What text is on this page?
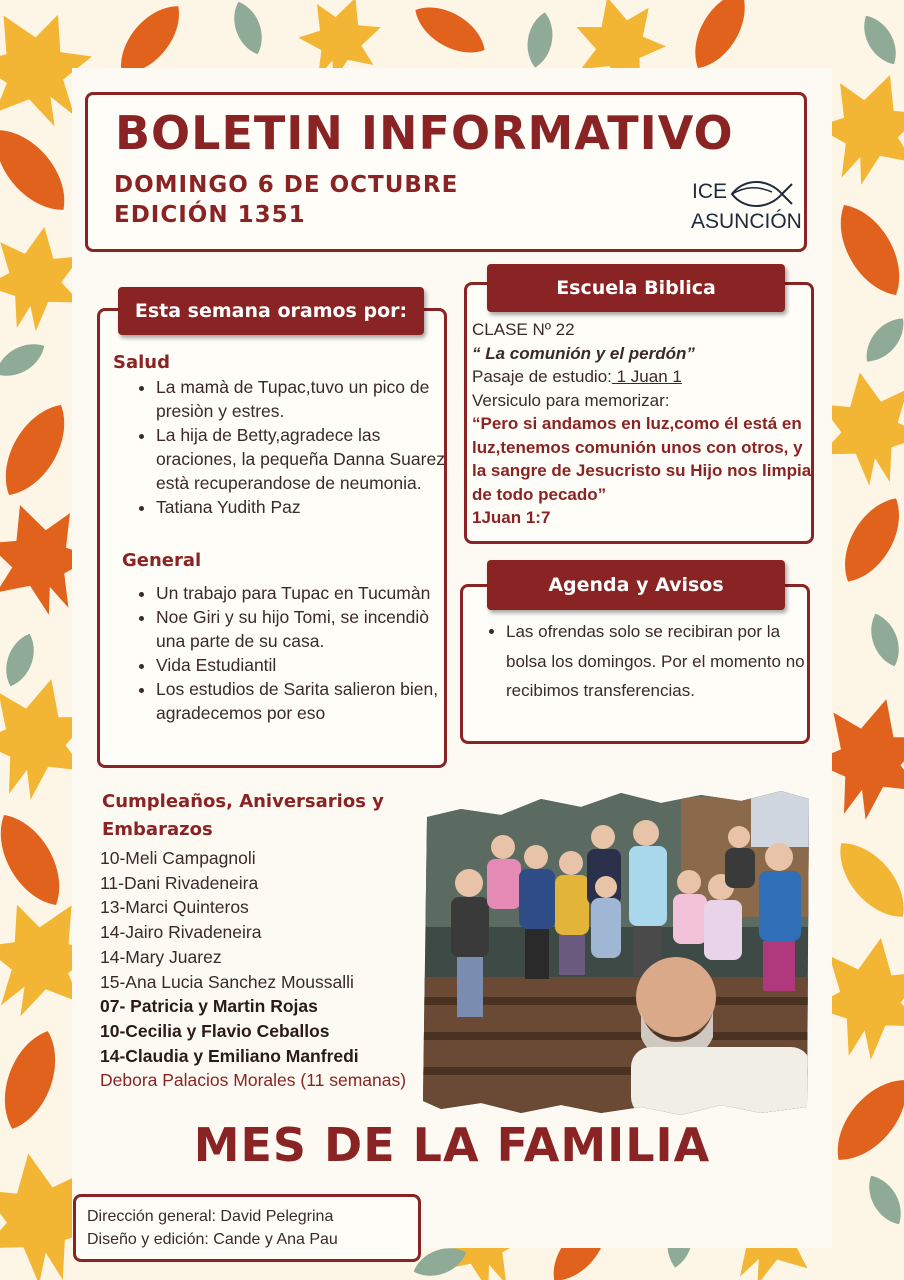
BOLETIN INFORMATIVO
DOMINGO 6 DE OCTUBRE
EDICIÓN 1351
ICE
ASUNCIÓN
Esta semana oramos por:
Salud
• La mamà de Tupac,tuvo un pico de presiòn y estres.
• La hija de Betty,agradece las oraciones, la pequeña Danna Suarez està recuperandose de neumonia.
• Tatiana Yudith Paz
General
• Un trabajo para Tupac en Tucumàn
• Noe Giri y su hijo Tomi, se incendiò una parte de su casa.
• Vida Estudiantil
• Los estudios de Sarita salieron bien, agradecemos por eso
Escuela Biblica
CLASE Nº 22
“ La comunión y el perdón”
Pasaje de estudio: 1 Juan 1
Versiculo para memorizar:
“Pero si andamos en luz,como él está en luz,tenemos comunión unos con otros, y la sangre de Jesucristo su Hijo nos limpia de todo pecado”
1Juan 1:7
Agenda y Avisos
• Las ofrendas solo se recibiran por la bolsa los domingos. Por el momento no recibimos transferencias.
Cumpleaños, Aniversarios y Embarazos
10-Meli Campagnoli
11-Dani Rivadeneira
13-Marci Quinteros
14-Jairo Rivadeneira
14-Mary Juarez
15-Ana Lucia Sanchez Moussalli
07- Patricia y Martin Rojas
10-Cecilia y Flavio Ceballos
14-Claudia y Emiliano Manfredi
Debora Palacios Morales (11 semanas)
MES DE LA FAMILIA
Dirección general: David Pelegrina
Diseño y edición: Cande y Ana Pau
